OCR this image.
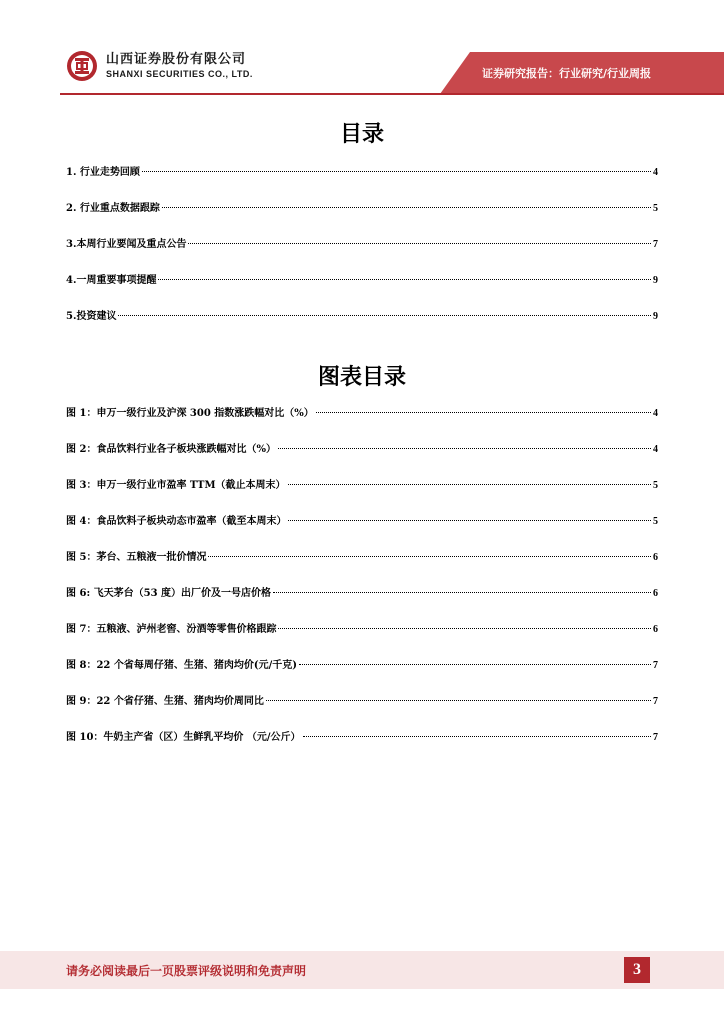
山西证券股份有限公司
SHANXI SECURITIES CO., LTD.	证券研究报告：行业研究/行业周报
目录
1. 行业走势回顾	4
2. 行业重点数据跟踪	5
3.本周行业要闻及重点公告	7
4.一周重要事项提醒	9
5.投资建议	9
图表目录
图 1：申万一级行业及沪深 300 指数涨跌幅对比（%）	4
图 2：食品饮料行业各子板块涨跌幅对比（%）	4
图 3：申万一级行业市盈率 TTM（截止本周末）	5
图 4：食品饮料子板块动态市盈率（截至本周末）	5
图 5：茅台、五粮液一批价情况	6
图 6: 飞天茅台（53 度）出厂价及一号店价格	6
图 7：五粮液、泸州老窖、汾酒等零售价格跟踪	6
图 8：22 个省每周仔猪、生猪、猪肉均价(元/千克)	7
图 9：22 个省仔猪、生猪、猪肉均价周同比	7
图 10：牛奶主产省（区）生鲜乳平均价 （元/公斤）	7
请务必阅读最后一页股票评级说明和免责声明	3
